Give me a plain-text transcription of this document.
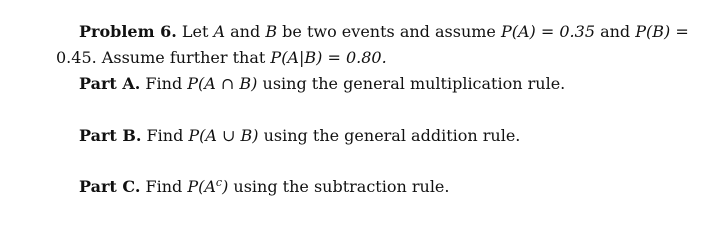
Problem 6. Let A and B be two events and assume P(A) = 0.35 and P(B) =
0.45. Assume further that P(A|B) = 0.80.
Part A. Find P(A ∩ B) using the general multiplication rule.
Part B. Find P(A ∪ B) using the general addition rule.
Part C. Find $P(A^c)$ using the subtraction rule.
